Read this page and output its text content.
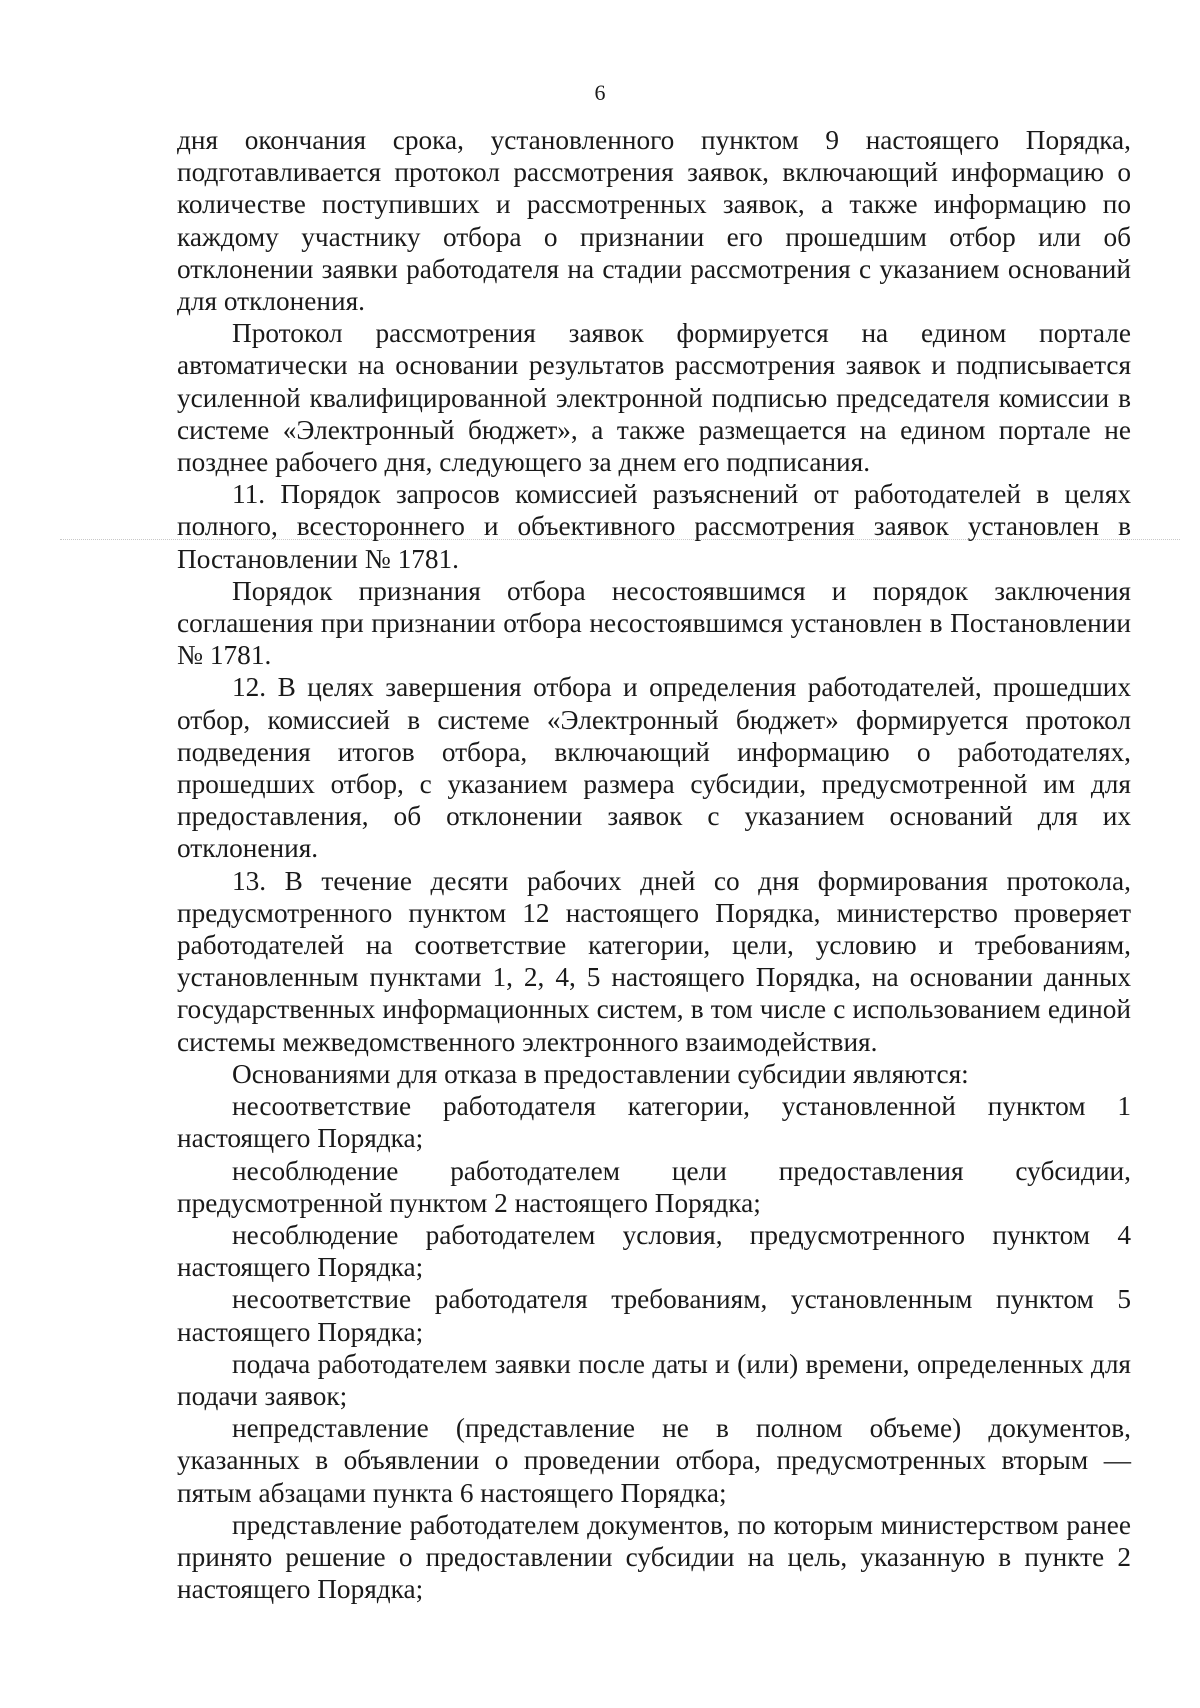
6

дня окончания срока, установленного пунктом 9 настоящего Порядка, подготавливается протокол рассмотрения заявок, включающий информацию о количестве поступивших и рассмотренных заявок, а также информацию по каждому участнику отбора о признании его прошедшим отбор или об отклонении заявки работодателя на стадии рассмотрения с указанием оснований для отклонения.

Протокол рассмотрения заявок формируется на едином портале автоматически на основании результатов рассмотрения заявок и подписывается усиленной квалифицированной электронной подписью председателя комиссии в системе «Электронный бюджет», а также размещается на едином портале не позднее рабочего дня, следующего за днем его подписания.

11. Порядок запросов комиссией разъяснений от работодателей в целях полного, всестороннего и объективного рассмотрения заявок установлен в Постановлении № 1781.

Порядок признания отбора несостоявшимся и порядок заключения соглашения при признании отбора несостоявшимся установлен в Постановлении № 1781.

12. В целях завершения отбора и определения работодателей, прошедших отбор, комиссией в системе «Электронный бюджет» формируется протокол подведения итогов отбора, включающий информацию о работодателях, прошедших отбор, с указанием размера субсидии, предусмотренной им для предоставления, об отклонении заявок с указанием оснований для их отклонения.

13. В течение десяти рабочих дней со дня формирования протокола, предусмотренного пунктом 12 настоящего Порядка, министерство проверяет работодателей на соответствие категории, цели, условию и требованиям, установленным пунктами 1, 2, 4, 5 настоящего Порядка, на основании данных государственных информационных систем, в том числе с использованием единой системы межведомственного электронного взаимодействия.

Основаниями для отказа в предоставлении субсидии являются:

несоответствие работодателя категории, установленной пунктом 1 настоящего Порядка;

несоблюдение работодателем цели предоставления субсидии, предусмотренной пунктом 2 настоящего Порядка;

несоблюдение работодателем условия, предусмотренного пунктом 4 настоящего Порядка;

несоответствие работодателя требованиям, установленным пунктом 5 настоящего Порядка;

подача работодателем заявки после даты и (или) времени, определенных для подачи заявок;

непредставление (представление не в полном объеме) документов, указанных в объявлении о проведении отбора, предусмотренных вторым — пятым абзацами пункта 6 настоящего Порядка;

представление работодателем документов, по которым министерством ранее принято решение о предоставлении субсидии на цель, указанную в пункте 2 настоящего Порядка;
